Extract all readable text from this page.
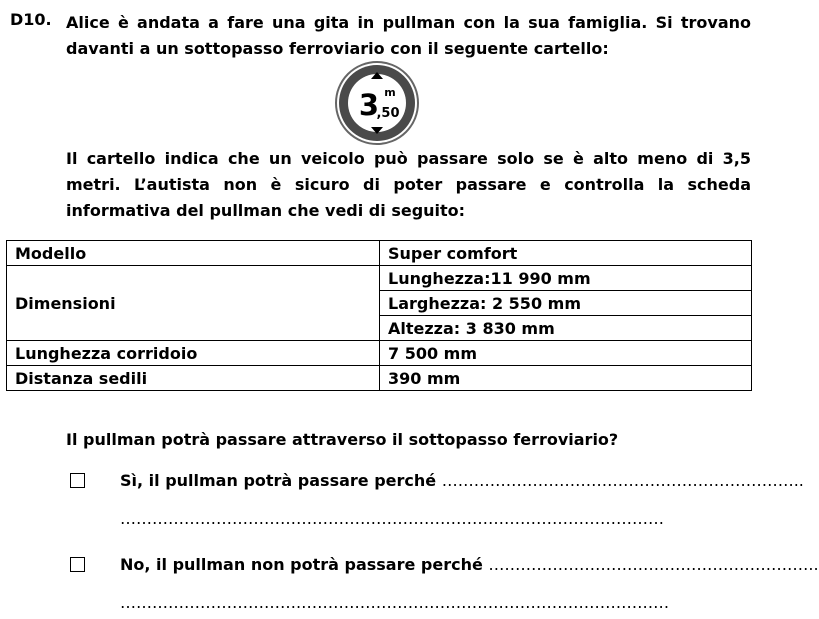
D10. Alice è andata a fare una gita in pullman con la sua famiglia. Si trovano davanti a un sottopasso ferroviario con il seguente cartello:
3 m
,50
Il cartello indica che un veicolo può passare solo se è alto meno di 3,5 metri. L’autista non è sicuro di poter passare e controlla la scheda informativa del pullman che vedi di seguito:
Modello	Super comfort
Dimensioni	Lunghezza:11 990 mm
	Larghezza: 2 550 mm
	Altezza: 3 830 mm
Lunghezza corridoio	7 500 mm
Distanza sedili	390 mm
Il pullman potrà passare attraverso il sottopasso ferroviario?
Sì, il pullman potrà passare perché …………………………………………………………..
…………………………………………………………………………………………
No, il pullman non potrà passare perché ……………………………………………………..
…………………………….……………………………………………………………
